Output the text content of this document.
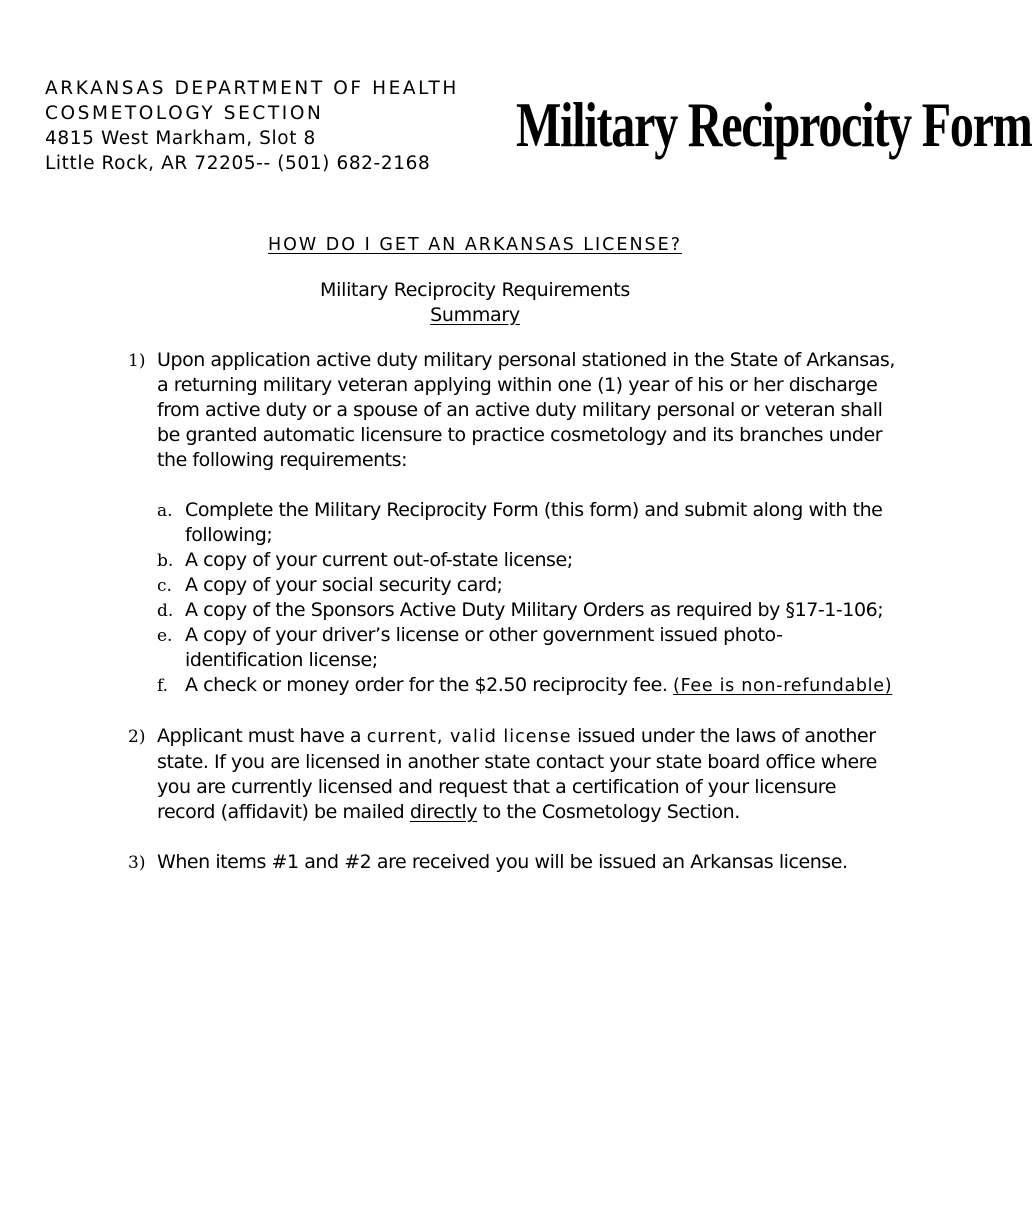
ARKANSAS DEPARTMENT OF HEALTH
COSMETOLOGY SECTION
4815 West Markham, Slot 8
Little Rock, AR 72205-- (501) 682-2168
Military Reciprocity Form
HOW DO I GET AN ARKANSAS LICENSE?
Military Reciprocity Requirements
Summary
1) Upon application active duty military personal stationed in the State of Arkansas, a returning military veteran applying within one (1) year of his or her discharge from active duty or a spouse of an active duty military personal or veteran shall be granted automatic licensure to practice cosmetology and its branches under the following requirements:
a. Complete the Military Reciprocity Form (this form) and submit along with the following;
b. A copy of your current out-of-state license;
c. A copy of your social security card;
d. A copy of the Sponsors Active Duty Military Orders as required by §17-1-106;
e. A copy of your driver’s license or other government issued photo-identification license;
f. A check or money order for the $2.50 reciprocity fee. (Fee is non-refundable)
2) Applicant must have a current, valid license issued under the laws of another state. If you are licensed in another state contact your state board office where you are currently licensed and request that a certification of your licensure record (affidavit) be mailed directly to the Cosmetology Section.
3) When items #1 and #2 are received you will be issued an Arkansas license.
